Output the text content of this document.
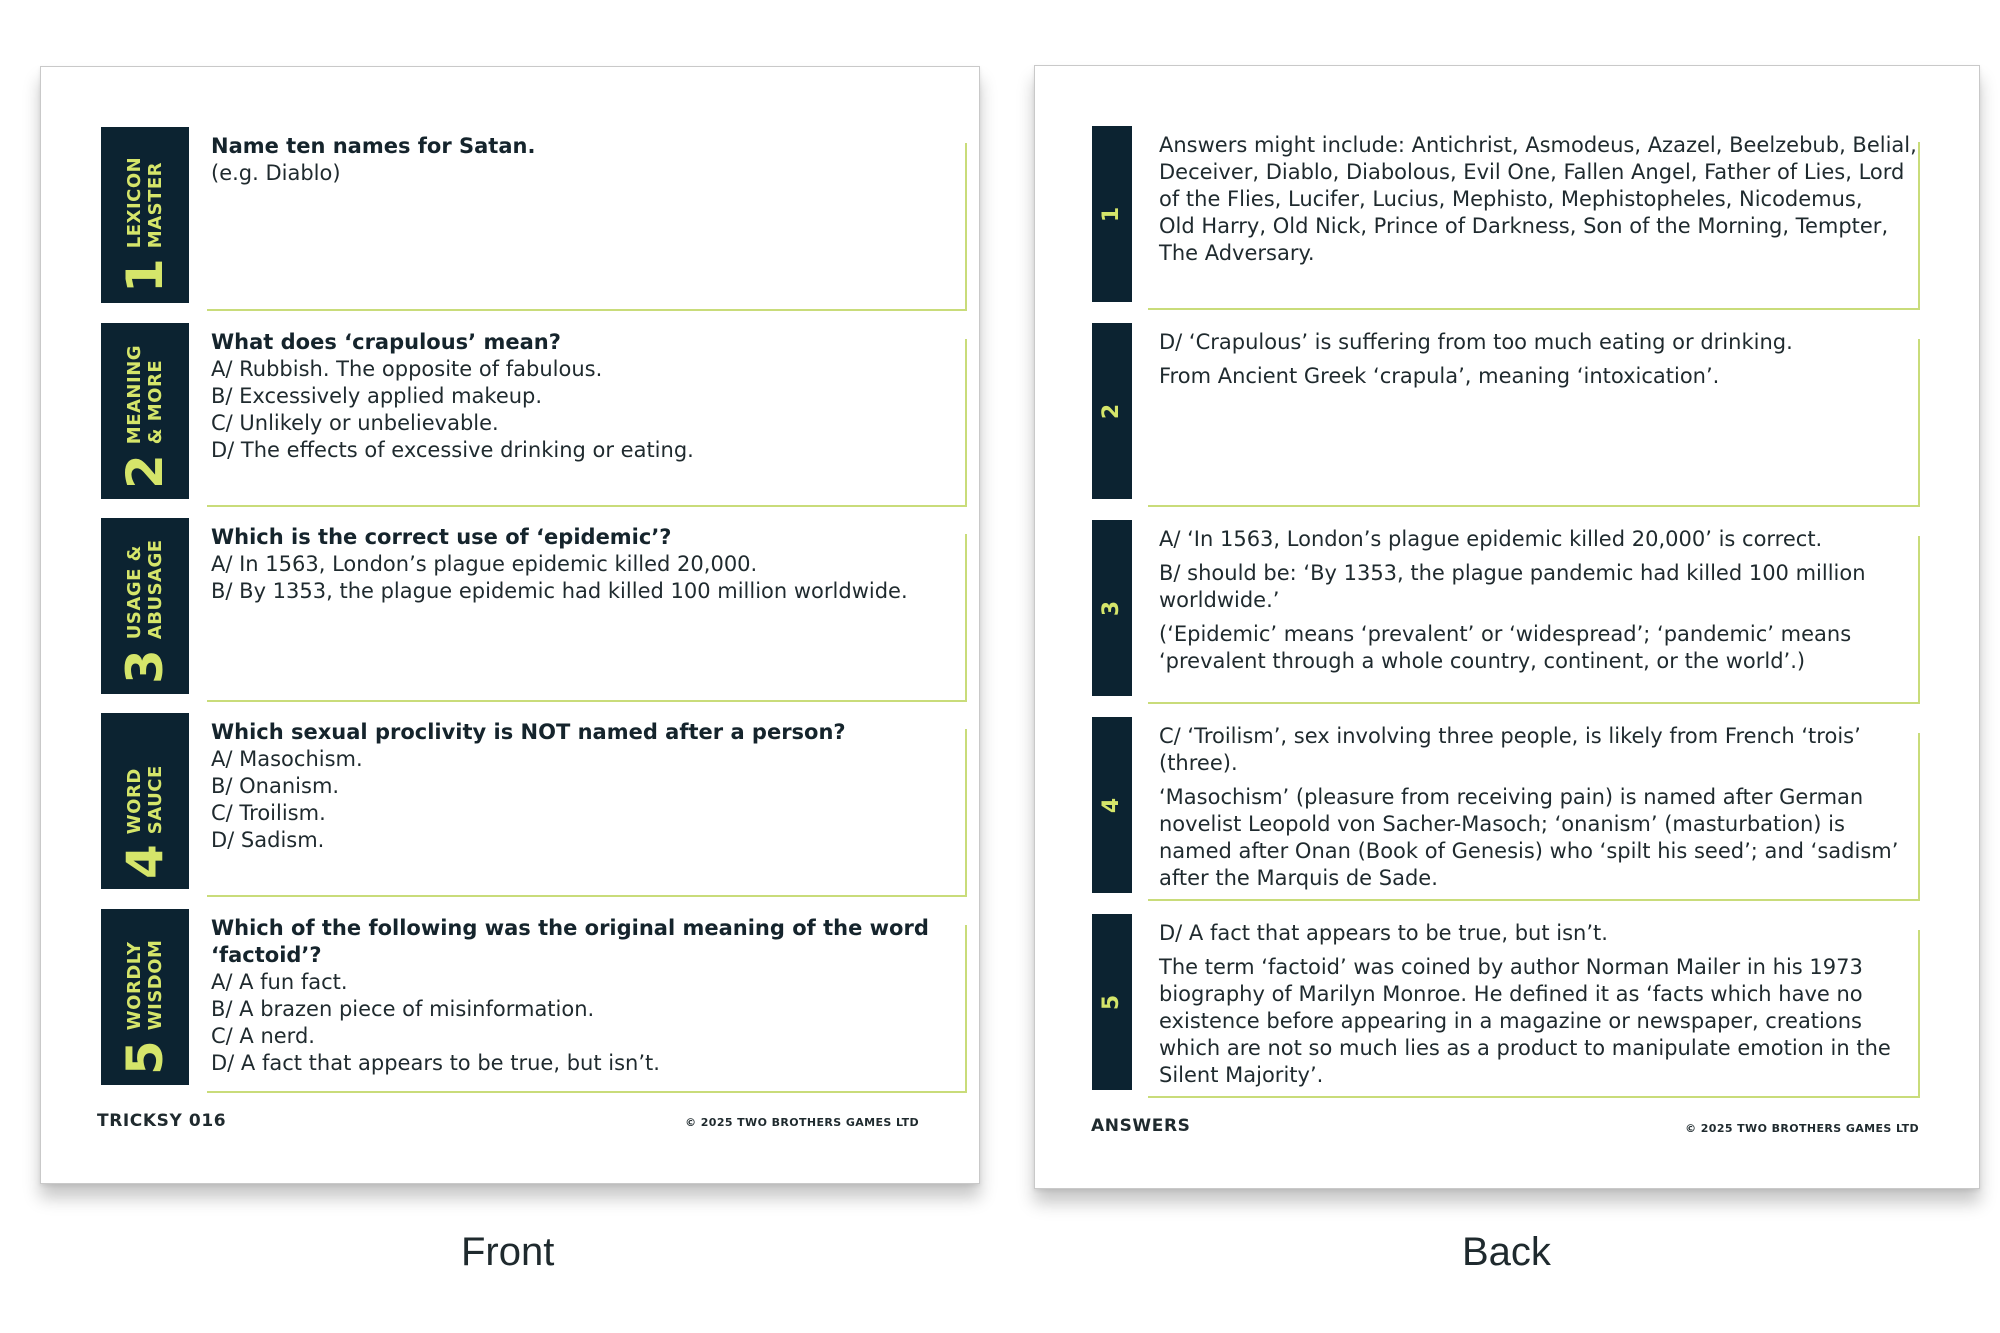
1
LEXICON MASTER

Name ten names for Satan.

(e.g. Diablo)

2
MEANING & MORE

What does ‘crapulous’ mean?

A/ Rubbish. The opposite of fabulous.

B/ Excessively applied makeup.

C/ Unlikely or unbelievable.

D/ The effects of excessive drinking or eating.

3
USAGE & ABUSAGE

Which is the correct use of ‘epidemic’?

A/ In 1563, London’s plague epidemic killed 20,000.

B/ By 1353, the plague epidemic had killed 100 million worldwide.

4
WORD SAUCE

Which sexual proclivity is NOT named after a person?

A/ Masochism.

B/ Onanism.

C/ Troilism.

D/ Sadism.

5
WORDLY WISDOM

Which of the following was the original meaning of the word

‘factoid’?

A/ A fun fact.

B/ A brazen piece of misinformation.

C/ A nerd.

D/ A fact that appears to be true, but isn’t.

TRICKSY 016	© 2025 TWO BROTHERS GAMES LTD
1

Answers might include: Antichrist, Asmodeus, Azazel, Beelzebub, Belial,

Deceiver, Diablo, Diabolous, Evil One, Fallen Angel, Father of Lies, Lord

of the Flies, Lucifer, Lucius, Mephisto, Mephistopheles, Nicodemus,

Old Harry, Old Nick, Prince of Darkness, Son of the Morning, Tempter,

The Adversary.

2

D/ ‘Crapulous’ is suffering from too much eating or drinking.

From Ancient Greek ‘crapula’, meaning ‘intoxication’.

3

A/ ‘In 1563, London’s plague epidemic killed 20,000’ is correct.

B/ should be: ‘By 1353, the plague pandemic had killed 100 million

worldwide.’

(‘Epidemic’ means ‘prevalent’ or ‘widespread’; ‘pandemic’ means

‘prevalent through a whole country, continent, or the world’.)

4

C/ ‘Troilism’, sex involving three people, is likely from French ‘trois’

(three).

‘Masochism’ (pleasure from receiving pain) is named after German

novelist Leopold von Sacher-Masoch; ‘onanism’ (masturbation) is

named after Onan (Book of Genesis) who ‘spilt his seed’; and ‘sadism’

after the Marquis de Sade.

5

D/ A fact that appears to be true, but isn’t.

The term ‘factoid’ was coined by author Norman Mailer in his 1973

biography of Marilyn Monroe. He defined it as ‘facts which have no

existence before appearing in a magazine or newspaper, creations

which are not so much lies as a product to manipulate emotion in the

Silent Majority’.

ANSWERS	© 2025 TWO BROTHERS GAMES LTD
Front	Back
